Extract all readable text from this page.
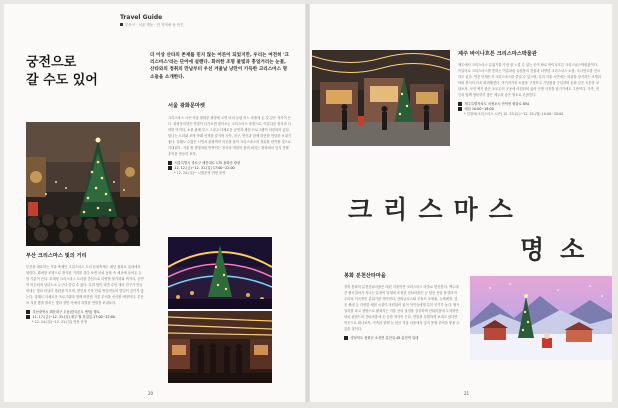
Travel Guide
부산시 · 서울 명동 · 전 지역에 동 안긴
궁전으로
갈 수도 있어
더 이상 산타의 존재를 믿지 않는 어른이 되었지만, 우리는 여전히 '크리스마스'라는 단어에 설렌다. 화려한 조명 물빛과 흥얼거리는 눈꽃, 산타와의 정취의 만남부터 우선 겨울날 낭만이 가득한 크리스마스 명소들을 소개한다.
서울 광화문마켓
크리스마스 시즌 서울 광화문 광장에 오면 마치 유럽 어느 마을에 온 것 같은 착각이 든다. 광화문마켓은 연말이 다가오면 찾아오는 크리스마스 마켓으로, 아름다운 장식과 다양한 먹거리, 소품 판매 부스 그리고 다채로운 공연과 체험 프로그램이 마련되어 있다. 빛나는 트리와 조명 아래 산책을 즐기며 가족, 친구, 연인과 함께 따뜻한 연말을 보내기 좋다. 올해도 수많은 시민과 관광객이 이곳을 찾아 크리스마스의 정취를 만끽할 것으로 기대된다. 겨울 밤 별빛처럼 반짝이는 장식과 캐럴이 울려 퍼지는 광장에서 잊지 못할 추억을 만들어 보자.
서울특별시 종로구 세종대로 175 광화문 광장
12, 12.(금)~12. 31.(일) 17:00~22:00
* 12. 24.(일)~ 시범운영 연장 운영
부산 크리스마스 빛의 거리
부산을 대표하는 겨울 축제인 크리스마스 트리 문화축제는 매년 광복로 일대에서 열린다. 화려한 조명으로 장식된 거리를 걷다 보면 마치 동화 속 세상에 들어온 듯한 기분이 든다. 초대형 크리스마스 트리를 중심으로 다양한 볼거리와 먹거리, 공연이 어우러져 남녀노소 누구나 즐길 수 있다. 특히 밤이 되면 수만 개의 전구가 만들어내는 빛의 터널이 장관을 이루며, 연인과 가족 단위 방문객들의 발길이 끊이지 않는다. 올해도 다채로운 프로그램과 함께 따뜻한 겨울 추억을 선사할 예정이다. 부산의 겨울 밤을 밝히는 빛의 향연 속에서 특별한 연말을 보내보자.
부산광역시 해운대구 우동(한국콘도 센텀) 행로
11. 17.(금)~12. 31.(일) 매주 월 휴업일 17:00~22:00
* 12. 24.(일)~12. 31.(일) 연장 운영
20
제주 바이나흐튼 크리스마스박물관
제주에서 크리스마스 분위기를 가장 잘 느낄 수 있는 곳이 바로 바이나흐튼 크리스마스박물관이다. 독일어로 크리스마스를 뜻하는 이름처럼 유럽풍의 건물과 다양한 크리스마스 소품, 오너먼트를 전시하고 있다. 연중 언제든지 크리스마스를 즐길 수 있으며, 특히 겨울 시즌에는 외관을 장식하는 조명과 야외 장식이 더욱 화려해진다. 아기자기한 소품을 구경하고 기념품을 구입하며 동화 같은 시간을 보내보자. 사진 찍기 좋은 포토존이 곳곳에 마련되어 있어 인생 사진을 남기기에도 그만이다. 가족, 연인과 함께 방문하기 좋은 제주의 숨은 명소로 손꼽힌다.
제주특별자치도 서귀포시 안덕면 원물로 854
매일 10:00~18:00
* 입장료(크리스마스 시즌) 12. 23.(토)~12. 25.(월) 10:00~20:00
크 리 스 마 스
명 소
봉화 분천산타마을
경북 봉화의 분천산타마을은 매년 겨울이면 크리스마스 마을로 변신한다. 백두대간 협곡열차가 지나는 분천역 일대에 조성된 산타마을은 눈 덮인 산골 풍경과 어우러져 이국적인 분위기를 자아낸다. 산타클로스와 루돌프 조형물, 눈썰매장, 얼음 썰매 등 다양한 체험 시설이 마련되어 있어 아이들에게 특히 인기가 높다. 협곡열차를 타고 창밖으로 펼쳐지는 겨울 산의 절경을 감상하며 산타마을에 도착하면 마치 핀란드의 산타마을에 온 듯한 착각이 든다. 연말을 특별하게 보내고 싶다면 이곳으로 떠나보자. 가족과 함께 눈 덮인 겨울 마을에서 잊지 못할 추억을 쌓을 수 있을 것이다.
경상북도 봉화군 소천면 분천길 49 분천역 일대
21
